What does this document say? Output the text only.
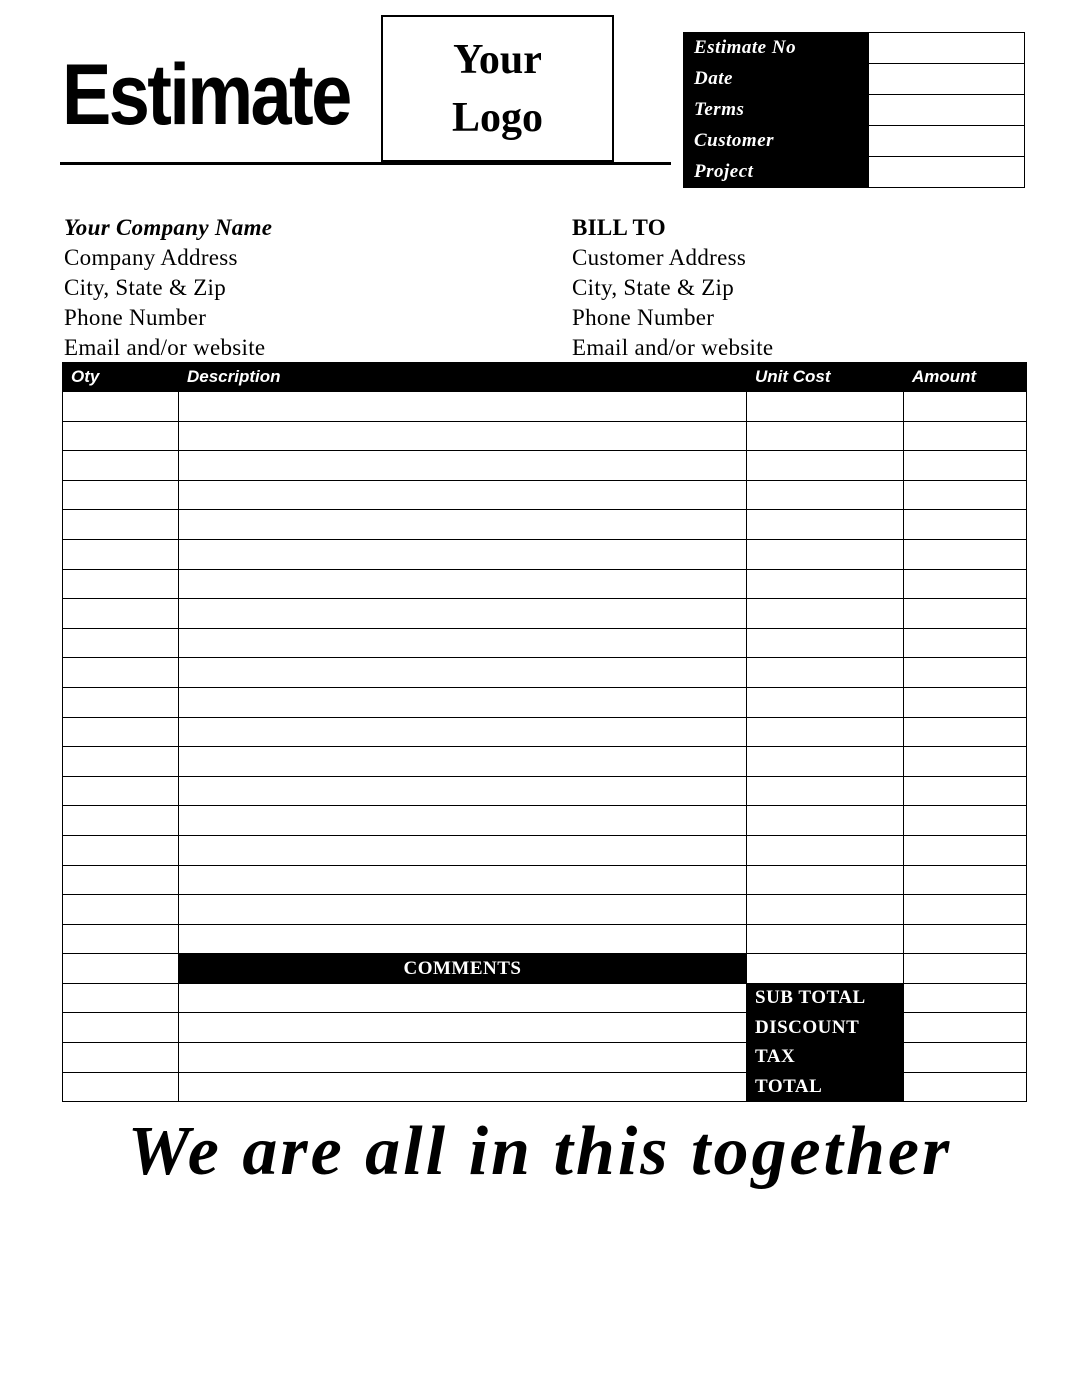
Estimate Your
Logo
Estimate No	
Date	
Terms	
Customer	
Project	
Your Company Name
Company Address
City, State & Zip
Phone Number
Email and/or website
BILL TO
Customer Address
City, State & Zip
Phone Number
Email and/or website
Oty	Description	Unit Cost	Amount

	COMMENTS		
		SUB TOTAL	
		DISCOUNT	
		TAX	
		TOTAL	
We are all in this together
